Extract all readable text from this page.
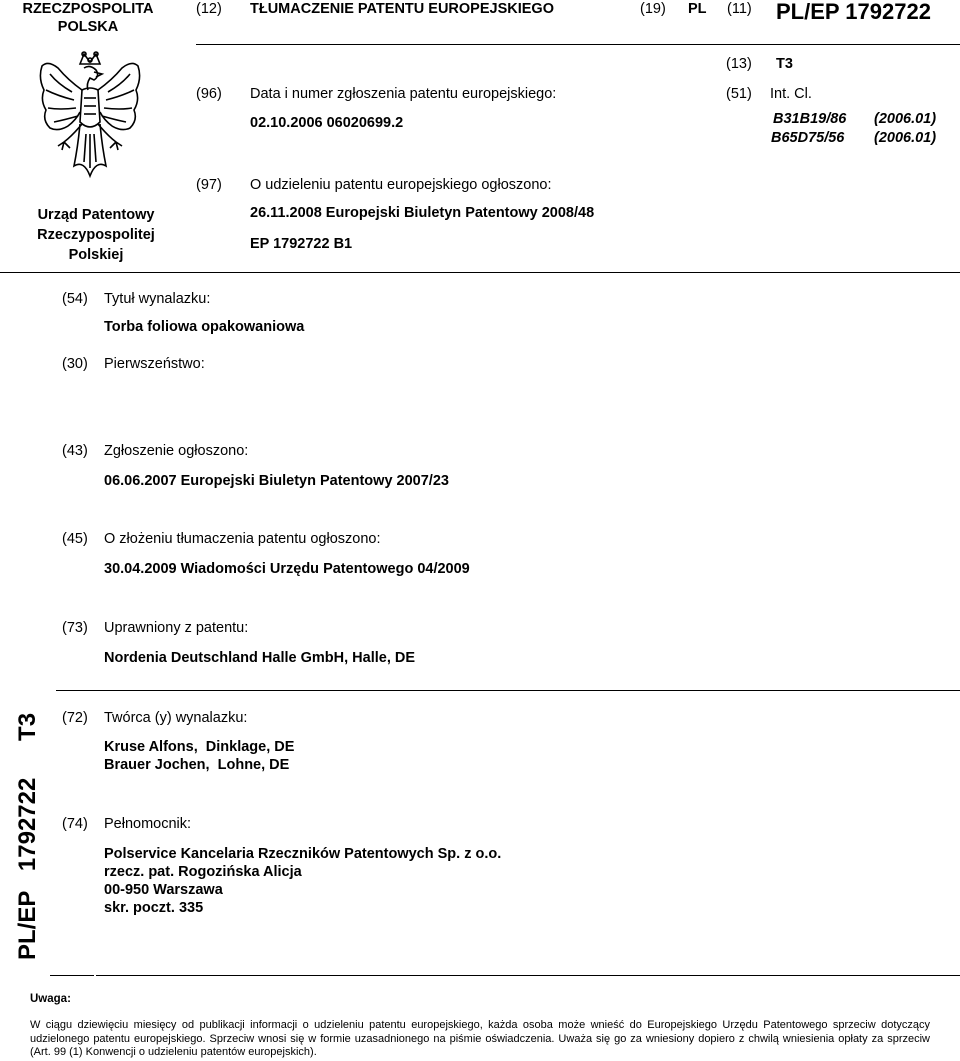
RZECZPOSPOLITA
POLSKA
(12) TŁUMACZENIE PATENTU EUROPEJSKIEGO	(19) PL (11) PL/EP 1792722
(13) T3
Urząd Patentowy
Rzeczypospolitej
Polskiej
(96) Data i numer zgłoszenia patentu europejskiego:
02.10.2006 06020699.2
(51) Int. Cl.
B31B19/86 (2006.01)
B65D75/56 (2006.01)
(97) O udzieleniu patentu europejskiego ogłoszono:
26.11.2008 Europejski Biuletyn Patentowy 2008/48
EP 1792722 B1
(54) Tytuł wynalazku:
Torba foliowa opakowaniowa
(30) Pierwszeństwo:
(43) Zgłoszenie ogłoszono:
06.06.2007 Europejski Biuletyn Patentowy 2007/23
(45) O złożeniu tłumaczenia patentu ogłoszono:
30.04.2009 Wiadomości Urzędu Patentowego 04/2009
(73) Uprawniony z patentu:
Nordenia Deutschland Halle GmbH, Halle, DE
PL/EP   1792722 T3 (72) Twórca (y) wynalazku:
Kruse Alfons,  Dinklage, DE
Brauer Jochen,  Lohne, DE
(74) Pełnomocnik:
Polservice Kancelaria Rzeczników Patentowych Sp. z o.o.
rzecz. pat. Rogozińska Alicja
00-950 Warszawa
skr. poczt. 335
Uwaga:
W ciągu dziewięciu miesięcy od publikacji informacji o udzieleniu patentu europejskiego, każda osoba może wnieść do Europejskiego Urzędu Patentowego sprzeciw dotyczący udzielonego patentu europejskiego. Sprzeciw wnosi się w formie uzasadnionego na piśmie oświadczenia. Uważa się go za wniesiony dopiero z chwilą wniesienia opłaty za sprzeciw (Art. 99 (1) Konwencji o udzieleniu patentów europejskich).
